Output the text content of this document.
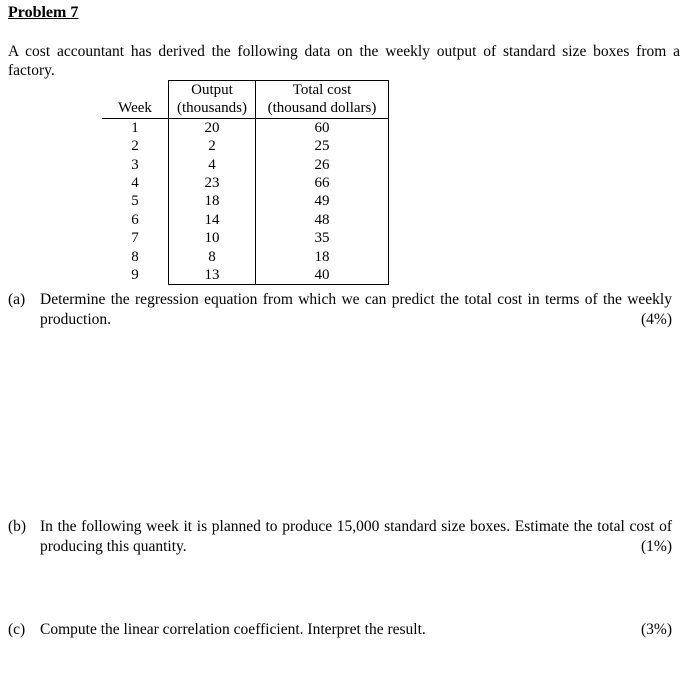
Problem 7
A cost accountant has derived the following data on the weekly output of standard size boxes from a factory.
Week	Output	Total cost
	(thousands)	(thousand dollars)
1	20	60
2	2	25
3	4	26
4	23	66
5	18	49
6	14	48
7	10	35
8	8	18
9	13	40
(a) Determine the regression equation from which we can predict the total cost in terms of the weekly production.	(4%)
(b) In the following week it is planned to produce 15,000 standard size boxes. Estimate the total cost of producing this quantity.	(1%)
(c) Compute the linear correlation coefficient. Interpret the result.	(3%)
